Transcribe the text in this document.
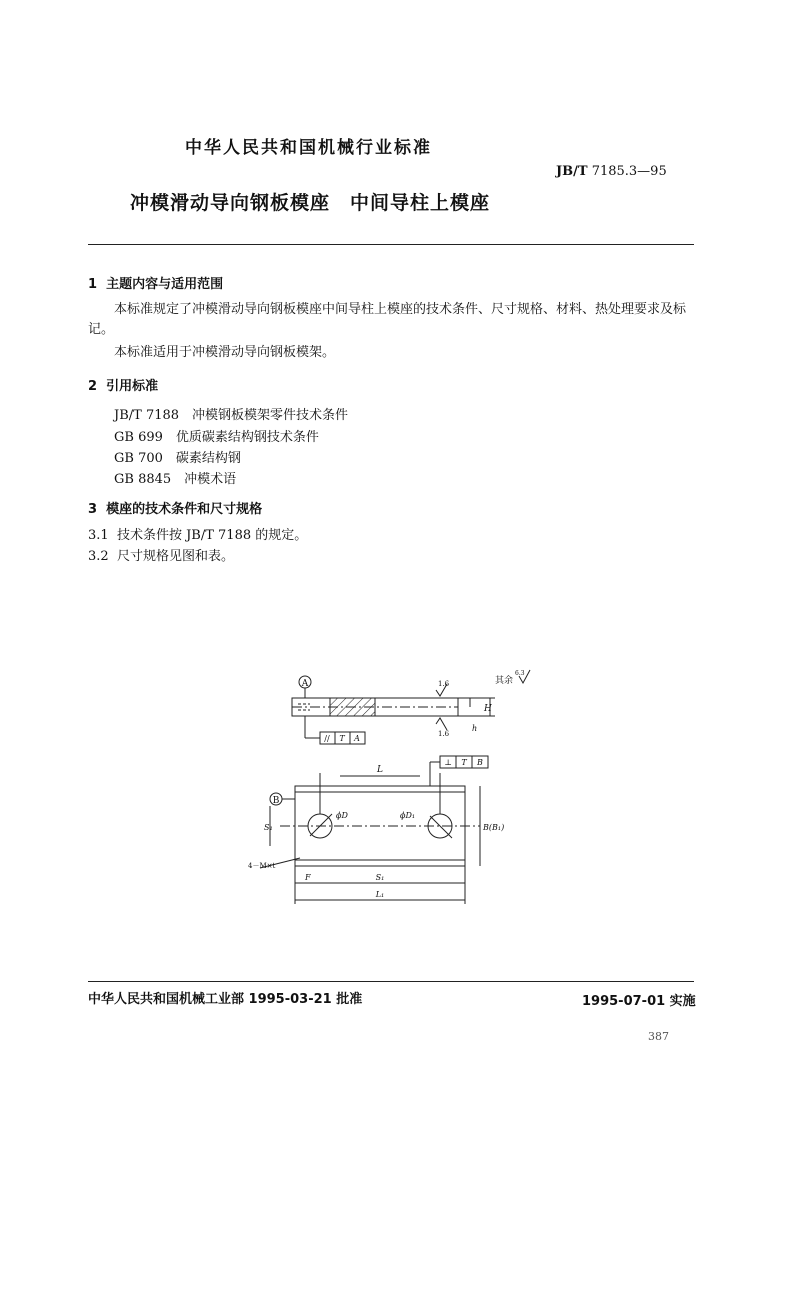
中华人民共和国机械行业标准
JB/T 7185.3—95
冲模滑动导向钢板模座　中间导柱上模座
1 主题内容与适用范围
本标准规定了冲模滑动导向钢板模座中间导柱上模座的技术条件、尺寸规格、材料、热处理要求及标记。
本标准适用于冲模滑动导向钢板模架。
2 引用标准
JB/T 7188　冲模钢板模架零件技术条件
GB 699　优质碳素结构钢技术条件
GB 700　碳素结构钢
GB 8845　冲模术语
3 模座的技术条件和尺寸规格
3.1 技术条件按 JB/T 7188 的规定。
3.2 尺寸规格见图和表。
A
H
h
// T A
1.6
1.6
其余
6.3
⊥ T B
B
L
ϕD	ϕD₁
S₁	B(B₁)
S₁
F
L₁
4－M×t
中华人民共和国机械工业部 1995-03-21 批准	1995-07-01 实施
387
